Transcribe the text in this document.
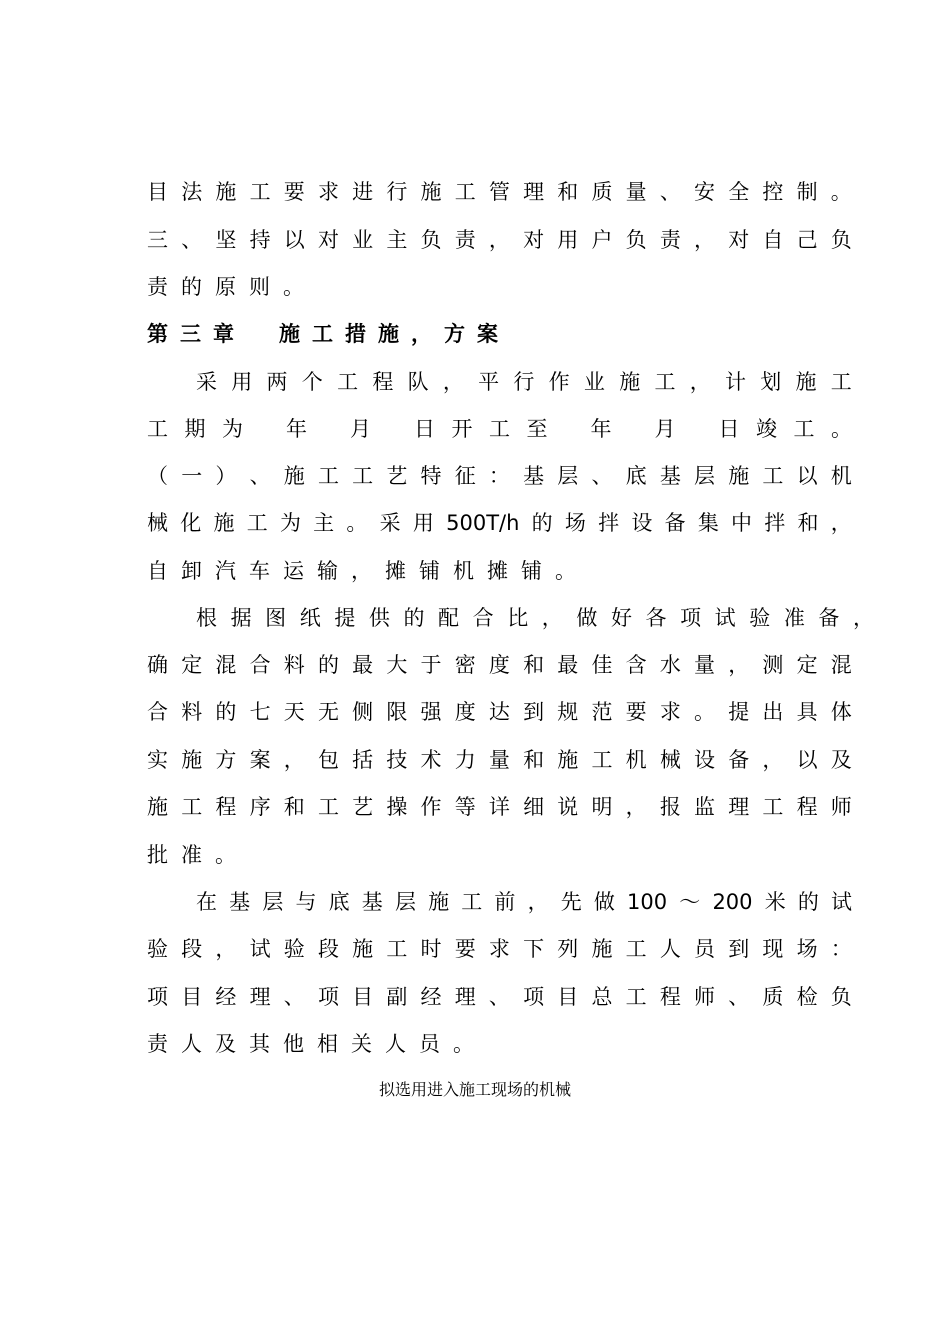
目 法 施 工 要 求 进 行 施 工 管 理 和 质 量 、 安 全 控 制 。
三 、 坚 持 以 对 业 主 负 责 ， 对 用 户 负 责 ， 对 自 己 负
责 的 原 则 。
第三章　施工措施，方案
采 用 两 个 工 程 队 ， 平 行 作 业 施 工 ， 计 划 施 工
工 期 为
年
月
日 开 工 至
年
月
日 竣 工 。
（ 一 ） 、 施 工 工 艺 特 征 ： 基 层 、 底 基 层 施 工 以 机
械 化 施 工 为 主 。 采 用 500T/h 的 场 拌 设 备 集 中 拌 和 ，
自 卸 汽 车 运 输 ， 摊 铺 机 摊 铺 。
根 据 图 纸 提 供 的 配 合 比 ， 做 好 各 项 试 验 准 备 ，
确 定 混 合 料 的 最 大 于 密 度 和 最 佳 含 水 量 ， 测 定 混
合 料 的 七 天 无 侧 限 强 度 达 到 规 范 要 求 。 提 出 具 体
实 施 方 案 ， 包 括 技 术 力 量 和 施 工 机 械 设 备 ， 以 及
施 工 程 序 和 工 艺 操 作 等 详 细 说 明 ， 报 监 理 工 程 师
批 准 。
在 基 层 与 底 基 层 施 工 前 ， 先 做 100 ～ 200 米 的 试
验 段 ， 试 验 段 施 工 时 要 求 下 列 施 工 人 员 到 现 场 ：
项 目 经 理 、 项 目 副 经 理 、 项 目 总 工 程 师 、 质 检 负
责 人 及 其 他 相 关 人 员 。
拟选用进入施工现场的机械
